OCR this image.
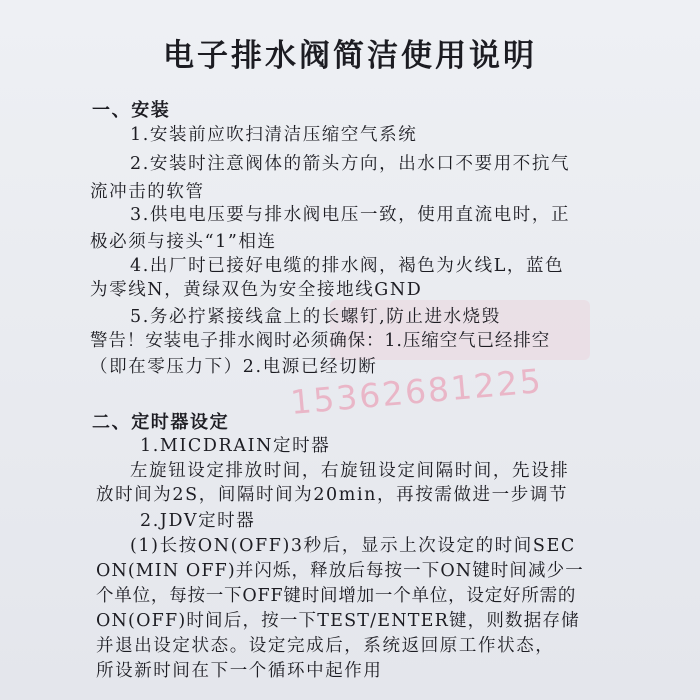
15362681225
电子排水阀简洁使用说明
一、安装
1.安装前应吹扫清洁压缩空气系统
2.安装时注意阀体的箭头方向，出水口不要用不抗气
流冲击的软管
3.供电电压要与排水阀电压一致，使用直流电时，正
极必须与接头“1”相连
4.出厂时已接好电缆的排水阀，褐色为火线L，蓝色
为零线N，黄绿双色为安全接地线GND
5.务必拧紧接线盒上的长螺钉,防止进水烧毁
警告！安装电子排水阀时必须确保：1.压缩空气已经排空
（即在零压力下）2.电源已经切断
二、定时器设定
1.MICDRAIN定时器
左旋钮设定排放时间，右旋钮设定间隔时间，先设排
放时间为2S，间隔时间为20min，再按需做进一步调节
2.JDV定时器
(1)长按ON(OFF)3秒后，显示上次设定的时间SEC
ON(MIN OFF)并闪烁，释放后每按一下ON键时间减少一
个单位，每按一下OFF键时间增加一个单位，设定好所需的
ON(OFF)时间后，按一下TEST/ENTER键，则数据存储
并退出设定状态。设定完成后，系统返回原工作状态，
所设新时间在下一个循环中起作用
